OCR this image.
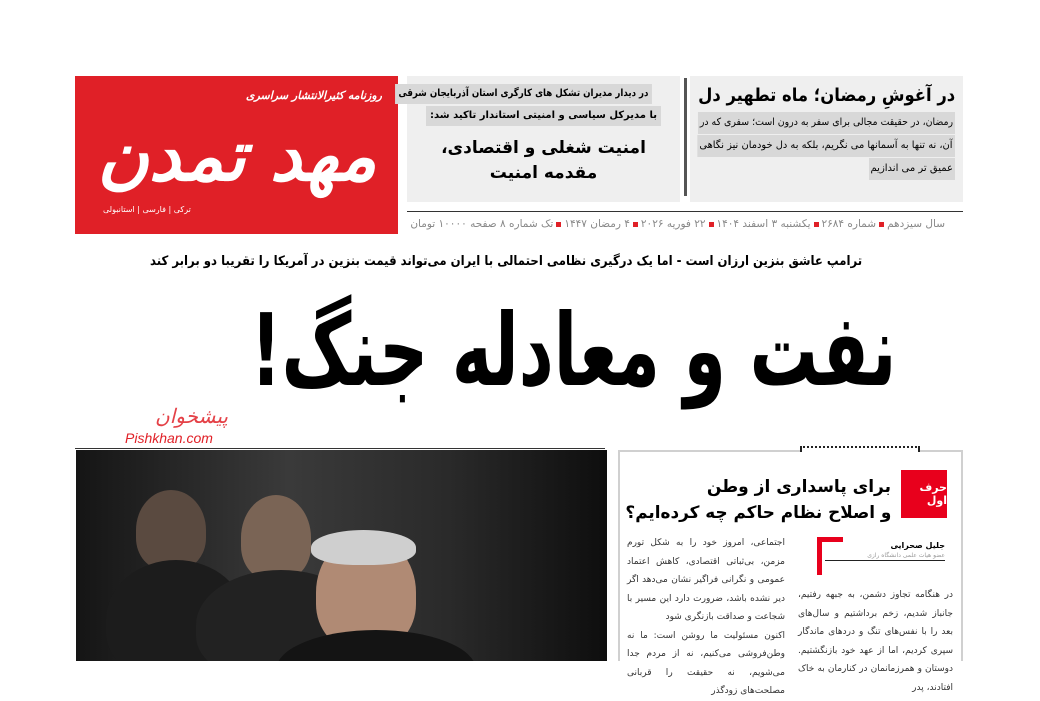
روزنامه کثیرالانتشار سراسری
مهد تمدن
ترکی | فارسی | استانبولی
در دیدار مدیران تشکل های کارگری استان آذربایجان شرقی
با مدیرکل سیاسی و امنیتی استاندار تاکید شد:
امنیت شغلی و اقتصادی،
مقدمه امنیت
در آغوشِ رمضان؛ ماه تطهیر دل
رمضان، در حقیقت مجالی برای سفر به درون است؛ سفری که در
آن، نه تنها به آسمانها می نگریم، بلکه به دل خودمان نیز نگاهی
عمیق تر می اندازیم
سال سیزدهمشماره ۲۶۸۴یکشنبه ۳ اسفند ۱۴۰۴۲۲ فوریه ۲۰۲۶۴ رمضان ۱۴۴۷تک شماره ۸ صفحه ۱۰۰۰۰ تومان
ترامپ عاشق بنزین ارزان است - اما یک درگیری نظامی احتمالی با ایران می‌تواند قیمت بنزین در آمریکا را تقریبا دو برابر کند
نفت و معادله جنگ!
پیشخوان
Pishkhan.com
حرف اول
برای پاسداری از وطن
و اصلاح نظام حاکم چه کرده‌ایم؟
جلیل صحرایی
عضو هیات علمی دانشگاه رازی
در هنگامه تجاوز دشمن، به جبهه رفتیم، جانباز شدیم، زخم برداشتیم و سال‌های بعد را با نفس‌های تنگ و دردهای ماندگار سپری کردیم، اما از عهد خود بازنگشتیم. دوستان و همرزمانمان در کنارمان به خاک افتادند، پدر
اجتماعی، امروز خود را به شکل تورم مزمن، بی‌ثباتی اقتصادی، کاهش اعتماد عمومی و نگرانی فراگیر نشان می‌دهد اگر دیر نشده باشد، ضرورت دارد این مسیر با شجاعت و صداقت بازنگری شود
اکنون مسئولیت ما روشن است: ما نه وطن‌فروشی می‌کنیم، نه از مردم جدا می‌شویم، نه حقیقت را قربانی مصلحت‌های زودگذر
